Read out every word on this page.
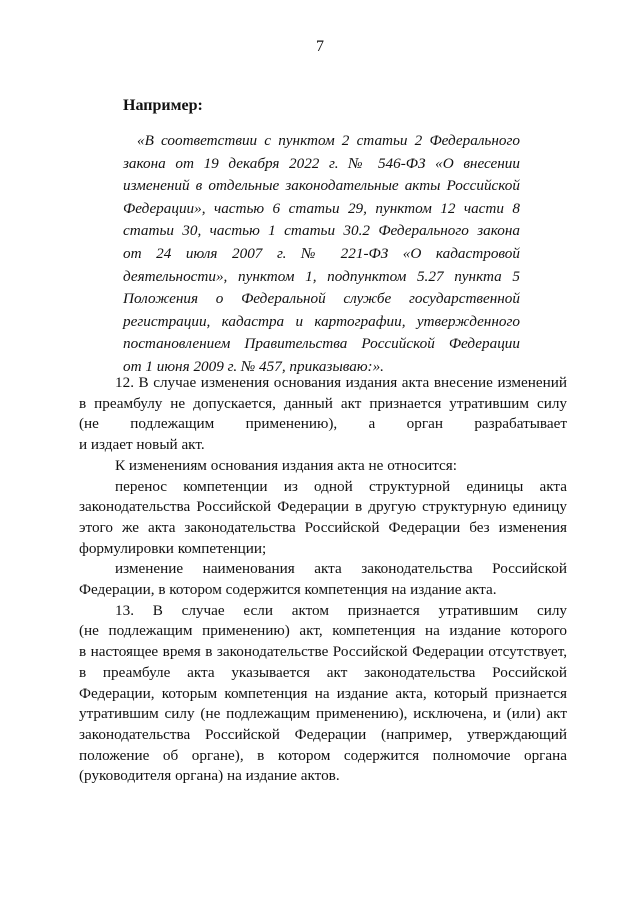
7
Например:
«В соответствии с пунктом 2 статьи 2 Федерального
закона от 19 декабря 2022 г. № 546-ФЗ «О внесении
изменений в отдельные законодательные акты Российской
Федерации», частью 6 статьи 29, пунктом 12 части 8
статьи 30, частью 1 статьи 30.2 Федерального закона
от 24 июля 2007 г. № 221-ФЗ «О кадастровой
деятельности», пунктом 1, подпунктом 5.27 пункта 5
Положения о Федеральной службе государственной
регистрации, кадастра и картографии, утвержденного
постановлением Правительства Российской Федерации
от 1 июня 2009 г. № 457, приказываю:».
12. В случае изменения основания издания акта внесение изменений
в преамбулу не допускается, данный акт признается утратившим силу
(не подлежащим применению), а орган разрабатывает
и издает новый акт.
К изменениям основания издания акта не относится:
перенос компетенции из одной структурной единицы акта
законодательства Российской Федерации в другую структурную единицу
этого же акта законодательства Российской Федерации без изменения
формулировки компетенции;
изменение наименования акта законодательства Российской
Федерации, в котором содержится компетенция на издание акта.
13. В случае если актом признается утратившим силу
(не подлежащим применению) акт, компетенция на издание которого
в настоящее время в законодательстве Российской Федерации отсутствует,
в преамбуле акта указывается акт законодательства Российской
Федерации, которым компетенция на издание акта, который признается
утратившим силу (не подлежащим применению), исключена, и (или) акт
законодательства Российской Федерации (например, утверждающий
положение об органе), в котором содержится полномочие органа
(руководителя органа) на издание актов.
